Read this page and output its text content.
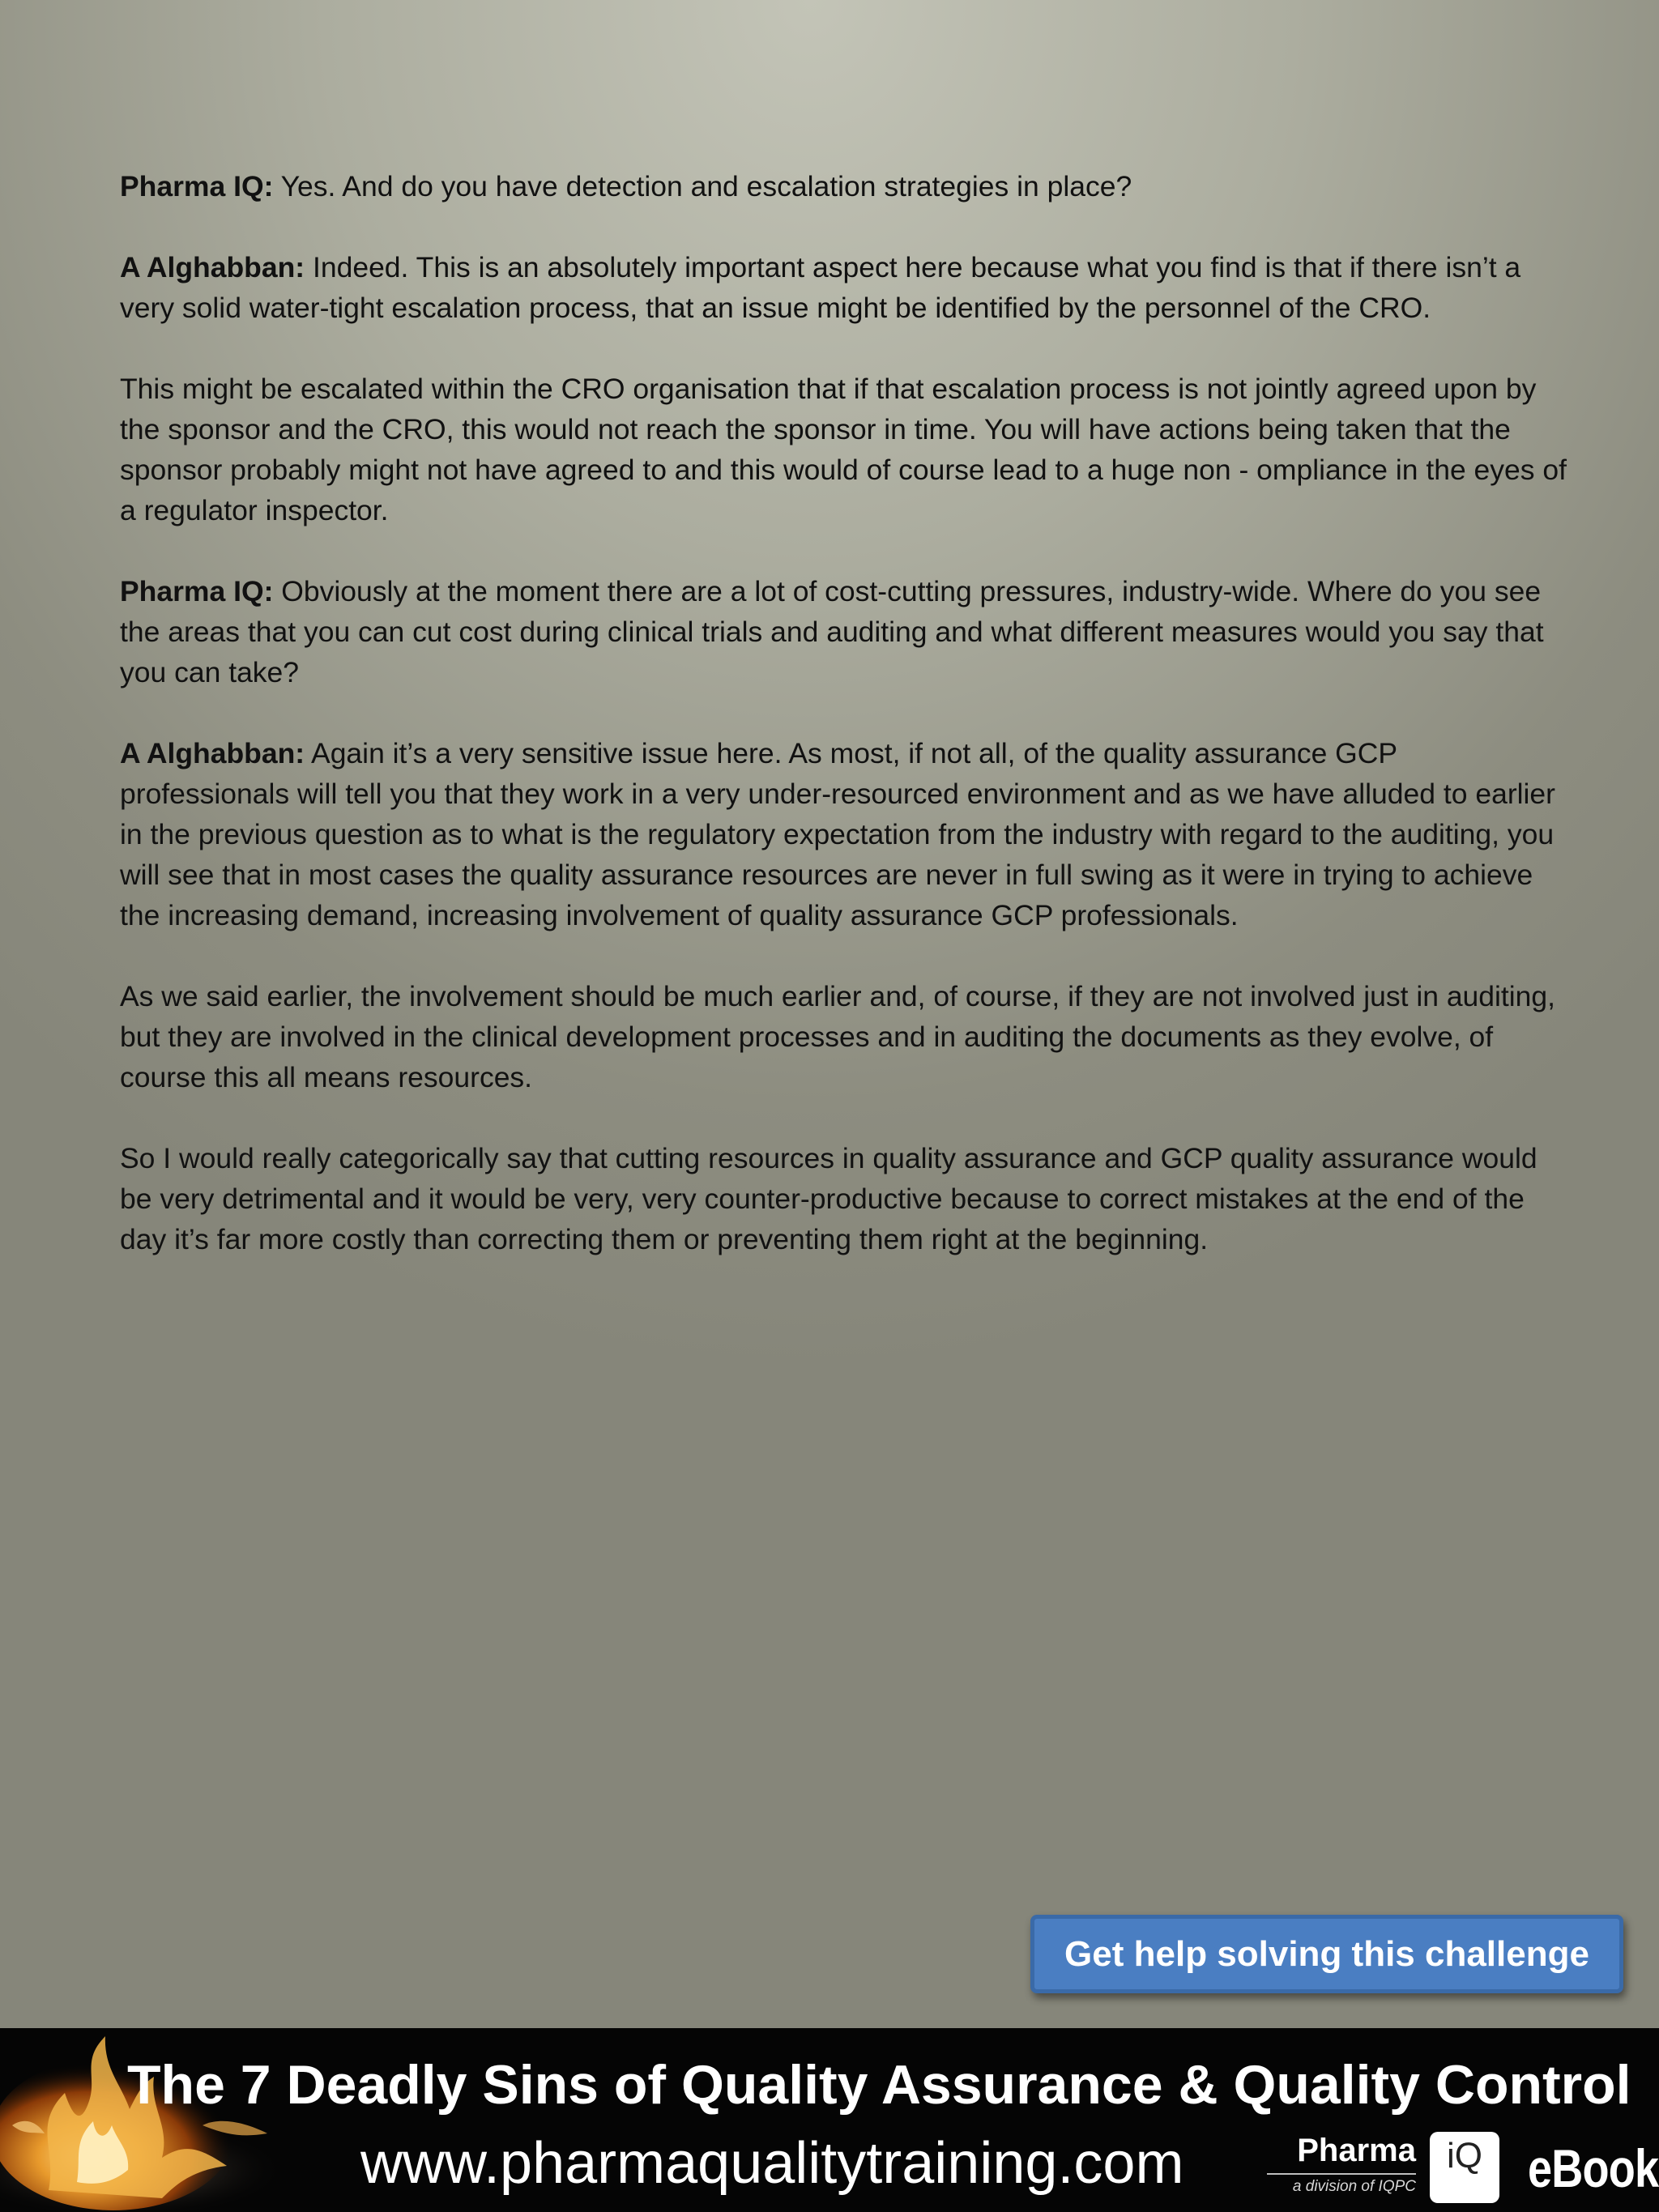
Pharma IQ: Yes. And do you have detection and escalation strategies in place?

A Alghabban: Indeed. This is an absolutely important aspect here because what you find is that if there isn’t a very solid water-tight escalation process, that an issue might be identified by the personnel of the CRO.

This might be escalated within the CRO organisation that if that escalation process is not jointly agreed upon by the sponsor and the CRO, this would not reach the sponsor in time. You will have actions being taken that the sponsor probably might not have agreed to and this would of course lead to a huge non - ompliance in the eyes of a regulator inspector.

Pharma IQ: Obviously at the moment there are a lot of cost-cutting pressures, industry-wide. Where do you see the areas that you can cut cost during clinical trials and auditing and what different measures would you say that you can take?

A Alghabban: Again it’s a very sensitive issue here. As most, if not all, of the quality assurance GCP professionals will tell you that they work in a very under-resourced environment and as we have alluded to earlier in the previous question as to what is the regulatory expectation from the industry with regard to the auditing, you will see that in most cases the quality assurance resources are never in full swing as it were in trying to achieve the increasing demand, increasing involvement of quality assurance GCP professionals.

As we said earlier, the involvement should be much earlier and, of course, if they are not involved just in auditing, but they are involved in the clinical development processes and in auditing the documents as they evolve, of course this all means resources.

So I would really categorically say that cutting resources in quality assurance and GCP quality assurance would be very detrimental and it would be very, very counter-productive because to correct mistakes at the end of the day it’s far more costly than correcting them or preventing them right at the beginning.

Get help solving this challenge
The 7 Deadly Sins of Quality Assurance & Quality Control
www.pharmaqualitytraining.com	Pharma
a division of IQPC
iQ eBook
